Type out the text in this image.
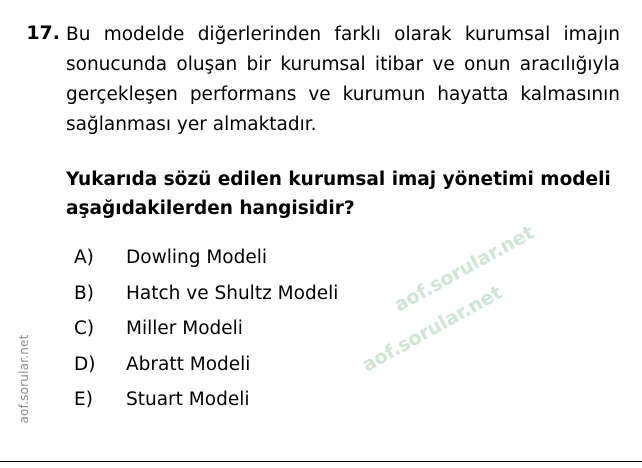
aof.sorular.net
17. Bu modelde diğerlerinden farklı olarak kurumsal imajın sonucunda oluşan bir kurumsal itibar ve onun aracılığıyla gerçekleşen performans ve kurumun hayatta kalmasının sağlanması yer almaktadır.

Yukarıda sözü edilen kurumsal imaj yönetimi modeli aşağıdakilerden hangisidir?
A)	Dowling Modeli
B)	Hatch ve Shultz Modeli
C)	Miller Modeli
D)	Abratt Modeli
E)	Stuart Modeli
aof.sorular.net
aof.sorular.net
